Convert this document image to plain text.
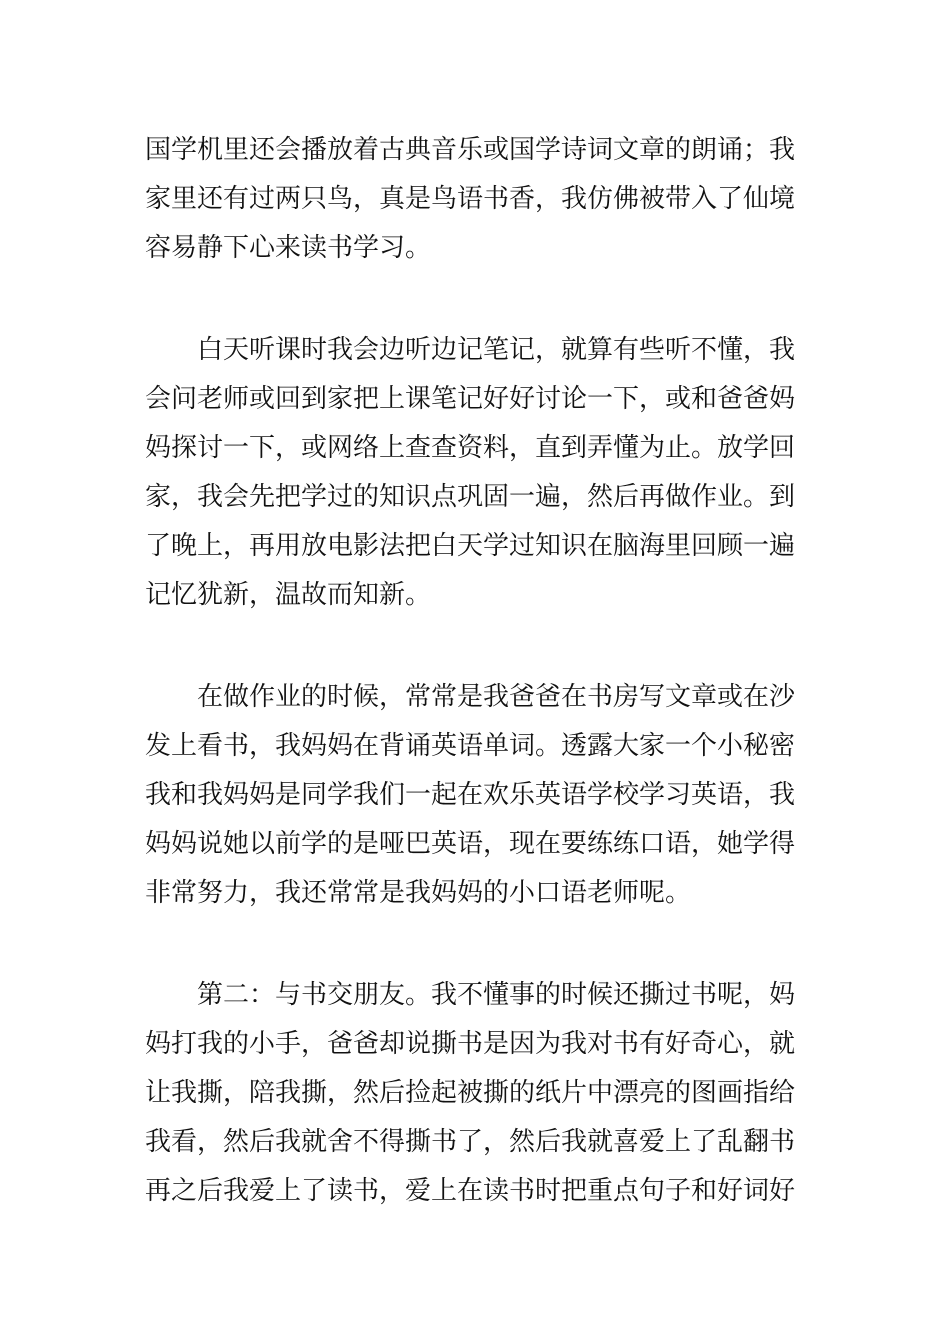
国学机里还会播放着古典音乐或国学诗词文章的朗诵；我
家里还有过两只鸟，真是鸟语书香，我仿佛被带入了仙境
容易静下心来读书学习。
　　白天听课时我会边听边记笔记，就算有些听不懂，我
会问老师或回到家把上课笔记好好讨论一下，或和爸爸妈
妈探讨一下，或网络上查查资料，直到弄懂为止。放学回
家，我会先把学过的知识点巩固一遍，然后再做作业。到
了晚上，再用放电影法把白天学过知识在脑海里回顾一遍
记忆犹新，温故而知新。
　　在做作业的时候，常常是我爸爸在书房写文章或在沙
发上看书，我妈妈在背诵英语单词。透露大家一个小秘密
我和我妈妈是同学我们一起在欢乐英语学校学习英语，我
妈妈说她以前学的是哑巴英语，现在要练练口语，她学得
非常努力，我还常常是我妈妈的小口语老师呢。
　　第二：与书交朋友。我不懂事的时候还撕过书呢，妈
妈打我的小手，爸爸却说撕书是因为我对书有好奇心，就
让我撕，陪我撕，然后捡起被撕的纸片中漂亮的图画指给
我看，然后我就舍不得撕书了，然后我就喜爱上了乱翻书
再之后我爱上了读书，爱上在读书时把重点句子和好词好
